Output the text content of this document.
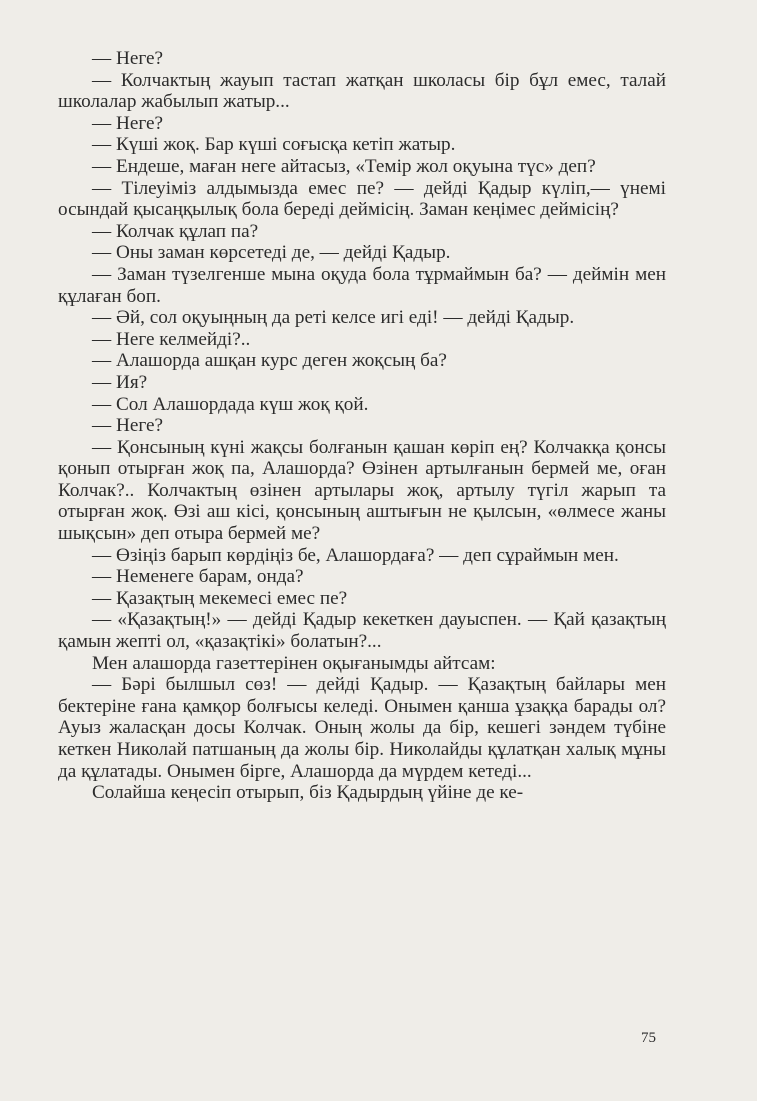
— Неге?

— Колчактың жауып тастап жатқан школасы бір бұл емес, талай школалар жабылып жатыр...

— Неге?

— Күші жоқ. Бар күші соғысқа кетіп жатыр.

— Ендеше, маған неге айтасыз, «Темір жол оқуына түс» деп?

— Тілеуіміз алдымызда емес пе? — дейді Қадыр күліп,— үнемі осындай қысаңқылық бола береді деймісің. Заман кеңімес деймісің?

— Колчак құлап па?

— Оны заман көрсетеді де, — дейді Қадыр.

— Заман түзелгенше мына оқуда бола тұрмаймын ба? — деймін мен құлаған боп.

— Әй, сол оқуыңның да реті келсе игі еді! — дейді Қадыр.

— Неге келмейді?..

— Алашорда ашқан курс деген жоқсың ба?

— Ия?

— Сол Алашордада күш жоқ қой.

— Неге?

— Қонсының күні жақсы болғанын қашан көріп ең? Колчакқа қонсы қонып отырған жоқ па, Алашорда? Өзінен артылғанын бермей ме, оған Колчак?.. Колчактың өзінен артылары жоқ, артылу түгіл жарып та отырған жоқ. Өзі аш кісі, қонсының аштығын не қылсын, «өлмесе жаны шықсын» деп отыра бермей ме?

— Өзіңіз барып көрдіңіз бе, Алашордаға? — деп сұраймын мен.

— Неменеге барам, онда?

— Қазақтың мекемесі емес пе?

— «Қазақтың!» — дейді Қадыр кекеткен дауыспен. — Қай қазақтың қамын жепті ол, «қазақтікі» болатын?...

Мен алашорда газеттерінен оқығанымды айтсам:

— Бәрі былшыл сөз! — дейді Қадыр. — Қазақтың байлары мен бектеріне ғана қамқор болғысы келеді. Онымен қанша ұзаққа барады ол? Ауыз жаласқан досы Колчак. Оның жолы да бір, кешегі зәндем түбіне кеткен Николай патшаның да жолы бір. Николайды құлатқан халық мұны да құлатады. Онымен бірге, Алашорда да мүрдем кетеді...

Солайша кеңесіп отырып, біз Қадырдың үйіне де ке-

75
